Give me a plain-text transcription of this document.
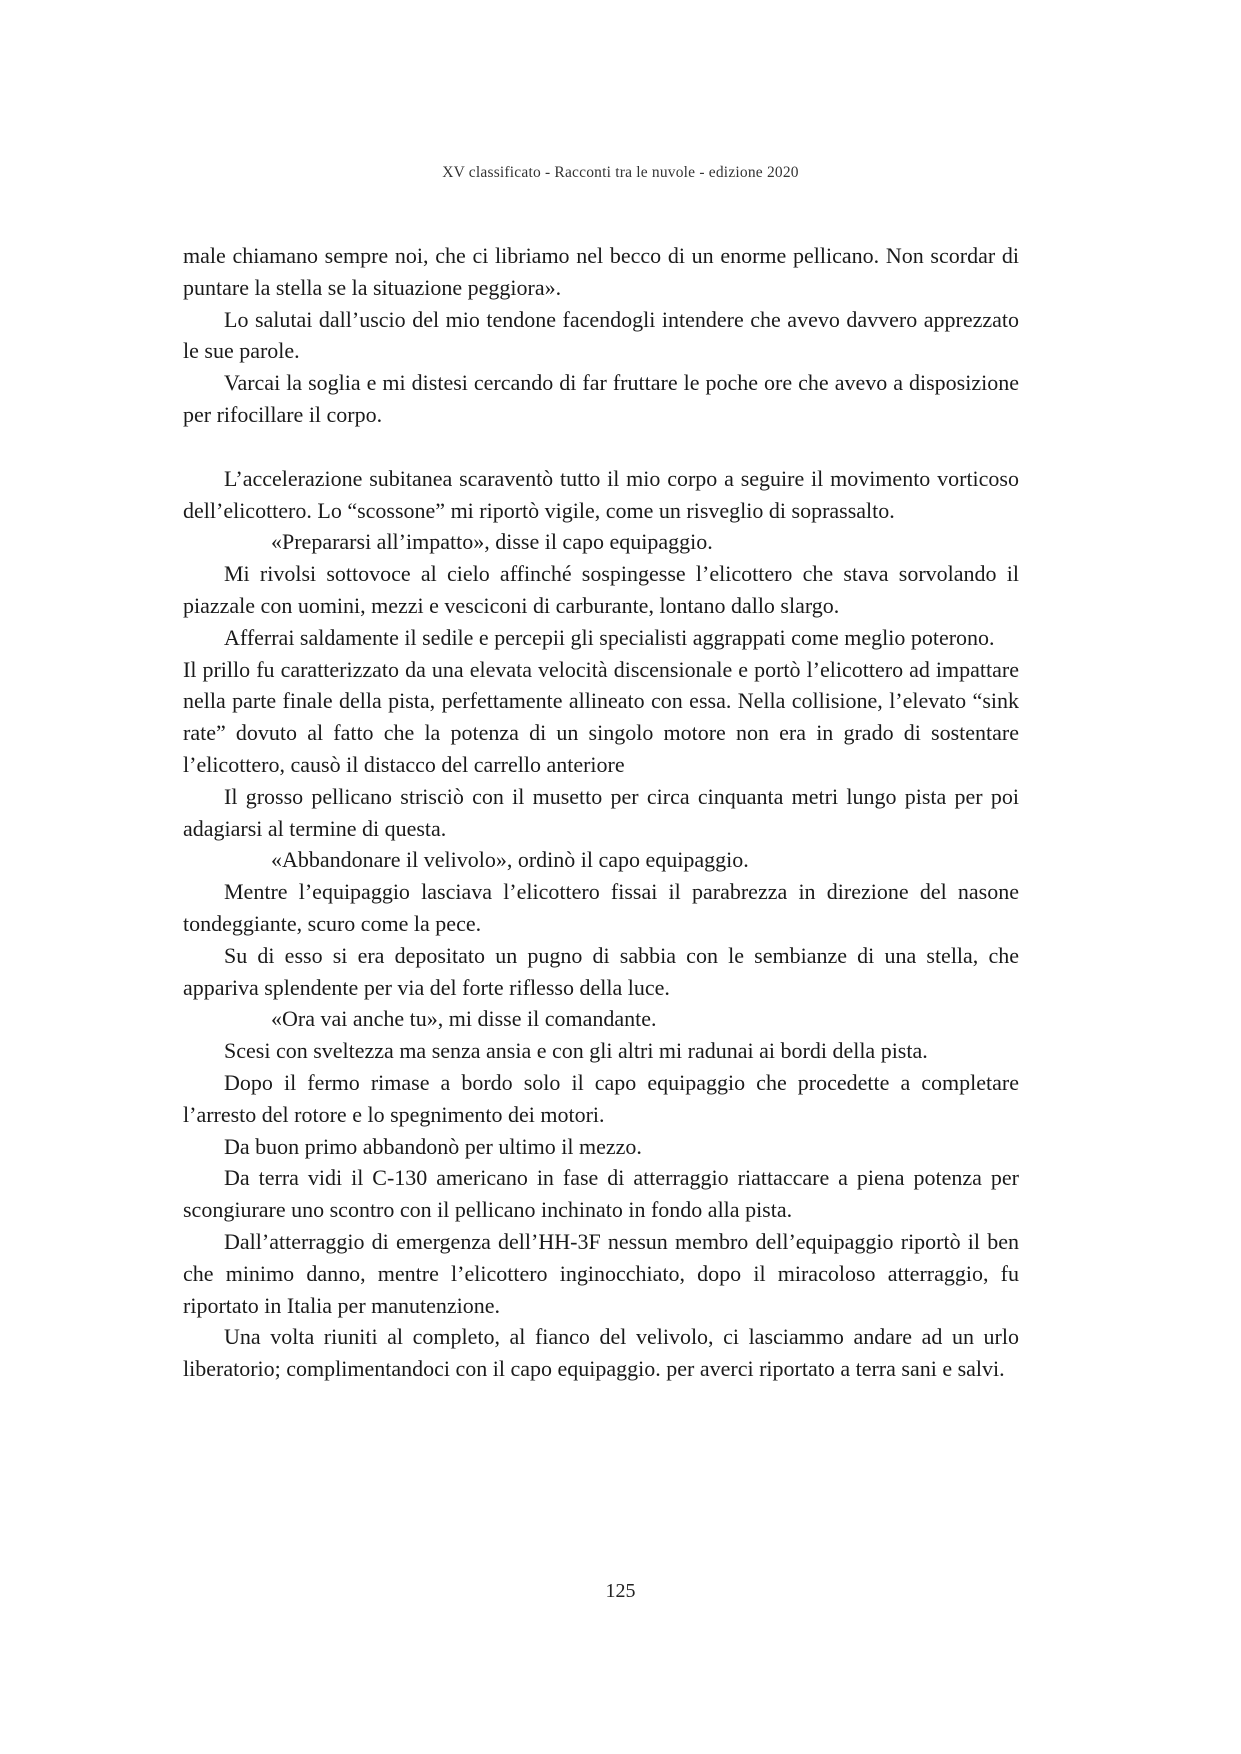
XV classificato - Racconti tra le nuvole - edizione 2020

male chiamano sempre noi, che ci libriamo nel becco di un enorme pellicano. Non scordar di puntare la stella se la situazione peggiora».

Lo salutai dall’uscio del mio tendone facendogli intendere che avevo davvero apprezzato le sue parole.

Varcai la soglia e mi distesi cercando di far fruttare le poche ore che avevo a disposizione per rifocillare il corpo.

L’accelerazione subitanea scaraventò tutto il mio corpo a seguire il movimento vorticoso dell’elicottero. Lo “scossone” mi riportò vigile, come un risveglio di soprassalto.

«Prepararsi all’impatto», disse il capo equipaggio.

Mi rivolsi sottovoce al cielo affinché sospingesse l’elicottero che stava sorvolando il piazzale con uomini, mezzi e vesciconi di carburante, lontano dallo slargo.

Afferrai saldamente il sedile e percepii gli specialisti aggrappati come meglio poterono.

Il prillo fu caratterizzato da una elevata velocità discensionale e portò l’elicottero ad impattare nella parte finale della pista, perfettamente allineato con essa. Nella collisione, l’elevato “sink rate” dovuto al fatto che la potenza di un singolo motore non era in grado di sostentare l’elicottero, causò il distacco del carrello anteriore

Il grosso pellicano strisciò con il musetto per circa cinquanta metri lungo pista per poi adagiarsi al termine di questa.

«Abbandonare il velivolo», ordinò il capo equipaggio.

Mentre l’equipaggio lasciava l’elicottero fissai il parabrezza in direzione del nasone tondeggiante, scuro come la pece.

Su di esso si era depositato un pugno di sabbia con le sembianze di una stella, che appariva splendente per via del forte riflesso della luce.

«Ora vai anche tu», mi disse il comandante.

Scesi con sveltezza ma senza ansia e con gli altri mi radunai ai bordi della pista.

Dopo il fermo rimase a bordo solo il capo equipaggio che procedette a completare l’arresto del rotore e lo spegnimento dei motori.

Da buon primo abbandonò per ultimo il mezzo.

Da terra vidi il C-130 americano in fase di atterraggio riattaccare a piena potenza per scongiurare uno scontro con il pellicano inchinato in fondo alla pista.

Dall’atterraggio di emergenza dell’HH-3F nessun membro dell’equipaggio riportò il ben che minimo danno, mentre l’elicottero inginocchiato, dopo il miracoloso atterraggio, fu riportato in Italia per manutenzione.

Una volta riuniti al completo, al fianco del velivolo, ci lasciammo andare ad un urlo liberatorio; complimentandoci con il capo equipaggio. per averci riportato a terra sani e salvi.

125
